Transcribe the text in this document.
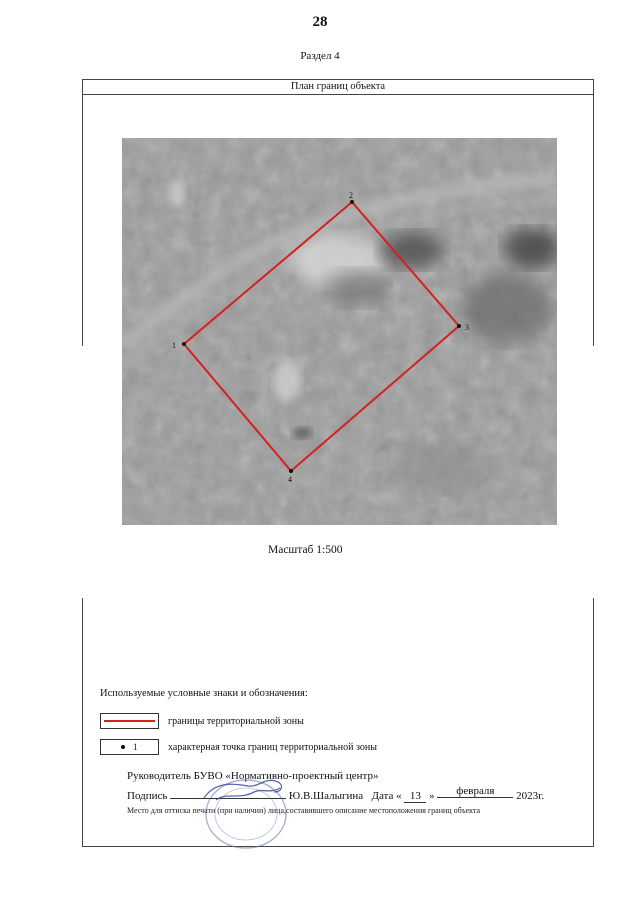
28
Раздел 4
План границ объекта
1
2
3
4
Масштаб 1:500
Используемые условные знаки и обозначения:
границы территориальной зоны
1	характерная точка границ территориальной зоны
Руководитель БУВО «Нормативно-проектный центр»
Подпись	Ю.В.Шалыгина Дата « 13 » февраля 2023г.
Место для оттиска печати (при наличии) лица,составившего описание местоположения границ объекта
